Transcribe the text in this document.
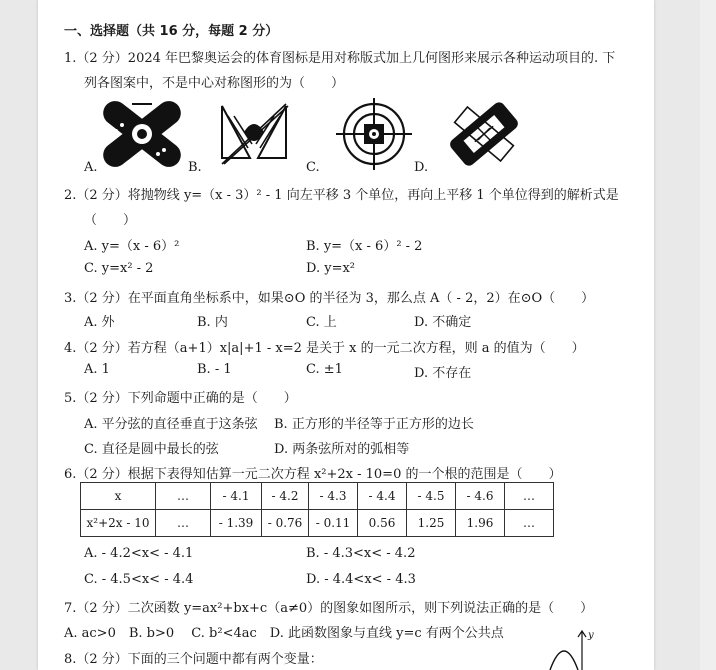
一、选择题（共 16 分，每题 2 分）
1.（2 分）2024 年巴黎奥运会的体育图标是用对称版式加上几何图形来展示各种运动项目的. 下
列各图案中，不是中心对称图形的为（　　）
A.	B.	C.	D.
2.（2 分）将抛物线 y=（x - 3）² - 1 向左平移 3 个单位，再向上平移 1 个单位得到的解析式是
（　　）
A. y=（x - 6）²	B. y=（x - 6）² - 2
C. y=x² - 2	D. y=x²
3.（2 分）在平面直角坐标系中，如果⊙O 的半径为 3，那么点 A（ - 2，2）在⊙O（　　）
A. 外	B. 内	C. 上	D. 不确定
4.（2 分）若方程（a+1）x|a|+1 - x=2 是关于 x 的一元二次方程，则 a 的值为（　　）
A. 1	B. - 1	C. ±1	D. 不存在
5.（2 分）下列命题中正确的是（　　）
A. 平分弦的直径垂直于这条弦 B. 正方形的半径等于正方形的边长
C. 直径是圆中最长的弦	D. 两条弦所对的弧相等
6.（2 分）根据下表得知估算一元二次方程 x²+2x - 10=0 的一个根的范围是（　　）
x	…	- 4.1	- 4.2	- 4.3	- 4.4	- 4.5	- 4.6	…
x²+2x - 10	…	- 1.39	- 0.76	- 0.11	0.56	1.25	1.96	…
A. - 4.2<x< - 4.1	B. - 4.3<x< - 4.2
C. - 4.5<x< - 4.4	D. - 4.4<x< - 4.3
7.（2 分）二次函数 y=ax²+bx+c（a≠0）的图象如图所示，则下列说法正确的是（　　）
A. ac>0　B. b>0　 C. b²<4ac　D. 此函数图象与直线 y=c 有两个公共点
8.（2 分）下面的三个问题中都有两个变量：
y
